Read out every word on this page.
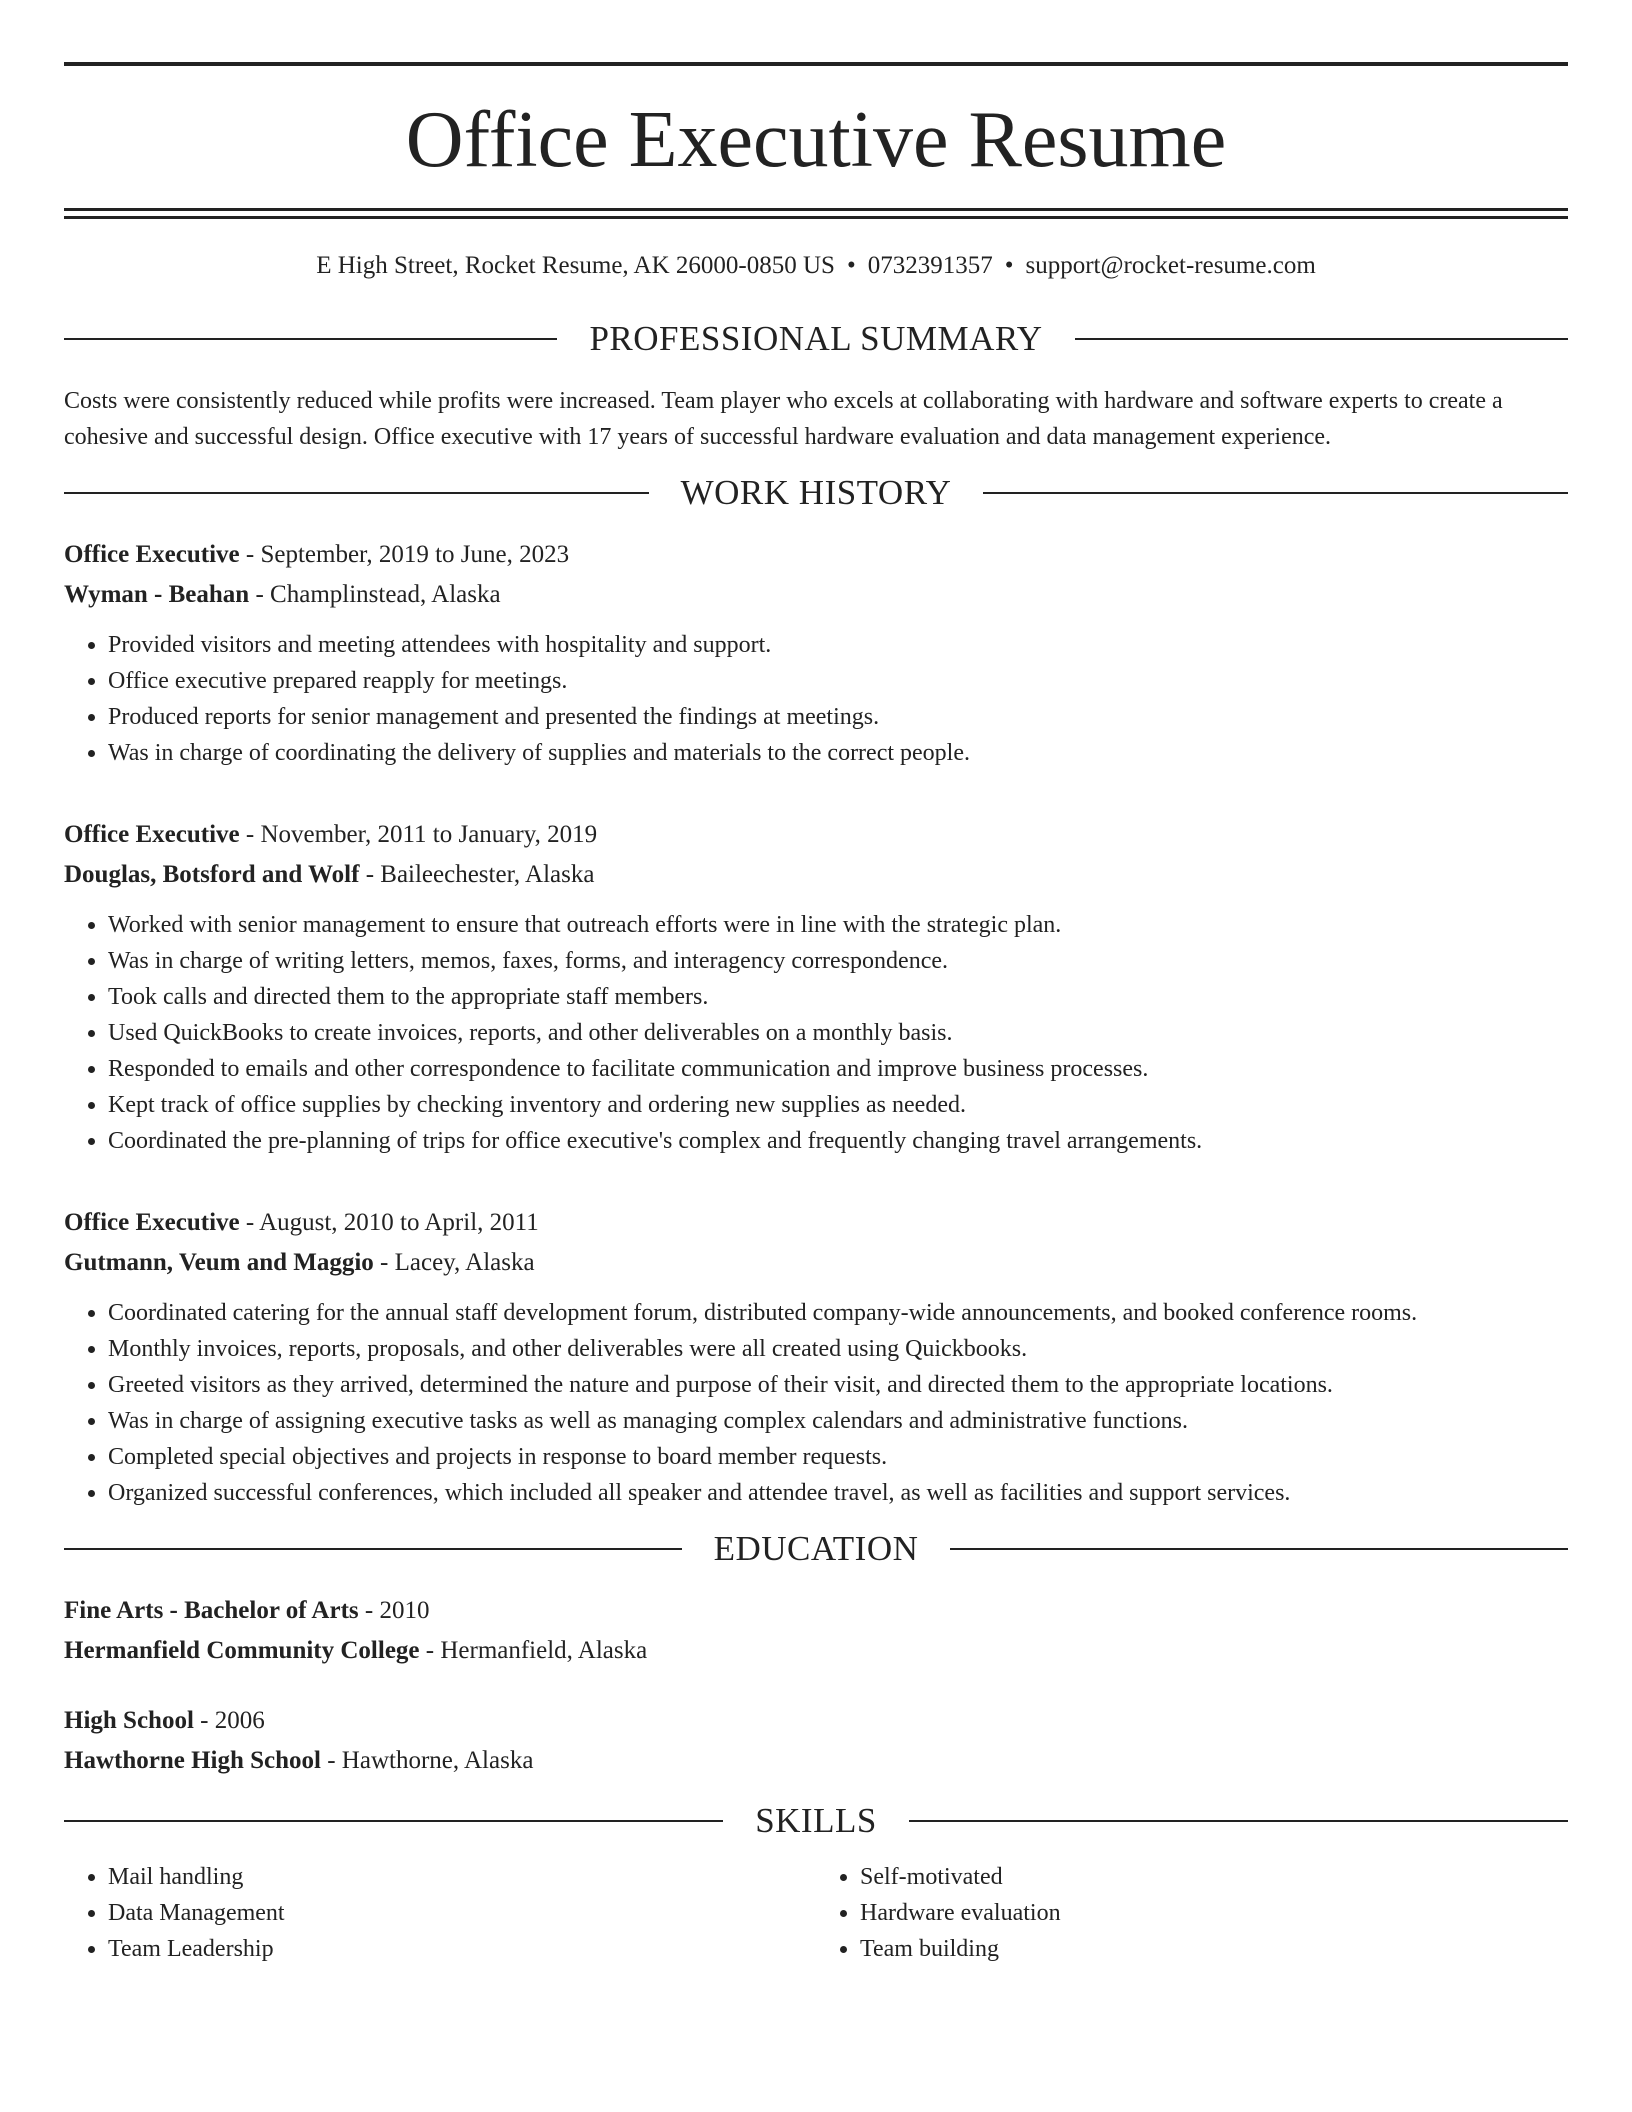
Office Executive Resume
E High Street, Rocket Resume, AK 26000-0850 US • 0732391357 • support@rocket-resume.com
PROFESSIONAL SUMMARY

Costs were consistently reduced while profits were increased. Team player who excels at collaborating with hardware and software experts to create a cohesive and successful design. Office executive with 17 years of successful hardware evaluation and data management experience.

WORK HISTORY
Office Executive - September, 2019 to June, 2023
Wyman - Beahan - Champlinstead, Alaska
• Provided visitors and meeting attendees with hospitality and support.
• Office executive prepared reapply for meetings.
• Produced reports for senior management and presented the findings at meetings.
• Was in charge of coordinating the delivery of supplies and materials to the correct people.
Office Executive - November, 2011 to January, 2019
Douglas, Botsford and Wolf - Baileechester, Alaska
• Worked with senior management to ensure that outreach efforts were in line with the strategic plan.
• Was in charge of writing letters, memos, faxes, forms, and interagency correspondence.
• Took calls and directed them to the appropriate staff members.
• Used QuickBooks to create invoices, reports, and other deliverables on a monthly basis.
• Responded to emails and other correspondence to facilitate communication and improve business processes.
• Kept track of office supplies by checking inventory and ordering new supplies as needed.
• Coordinated the pre-planning of trips for office executive's complex and frequently changing travel arrangements.
Office Executive - August, 2010 to April, 2011
Gutmann, Veum and Maggio - Lacey, Alaska
• Coordinated catering for the annual staff development forum, distributed company-wide announcements, and booked conference rooms.
• Monthly invoices, reports, proposals, and other deliverables were all created using Quickbooks.
• Greeted visitors as they arrived, determined the nature and purpose of their visit, and directed them to the appropriate locations.
• Was in charge of assigning executive tasks as well as managing complex calendars and administrative functions.
• Completed special objectives and projects in response to board member requests.
• Organized successful conferences, which included all speaker and attendee travel, as well as facilities and support services.
EDUCATION
Fine Arts - Bachelor of Arts - 2010
Hermanfield Community College - Hermanfield, Alaska
High School - 2006
Hawthorne High School - Hawthorne, Alaska
SKILLS
• Mail handling
• Data Management
• Team Leadership
• Self-motivated
• Hardware evaluation
• Team building
